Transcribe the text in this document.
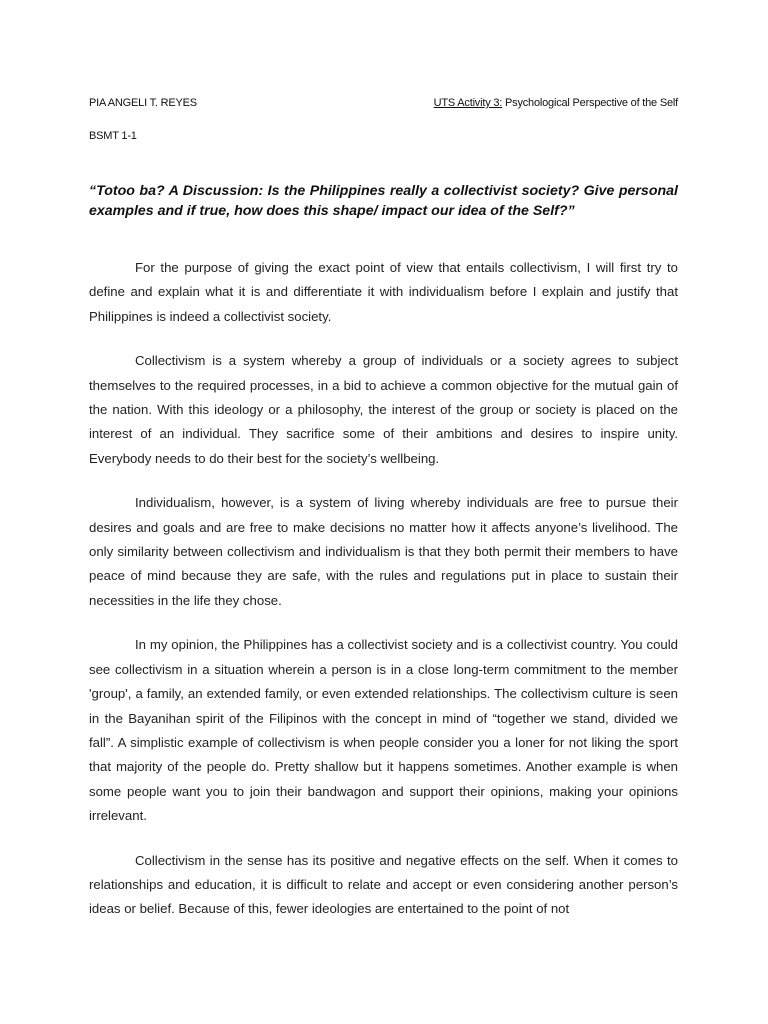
PIA ANGELI T. REYES	UTS Activity 3: Psychological Perspective of the Self
BSMT 1-1

“Totoo ba? A Discussion: Is the Philippines really a collectivist society? Give personal examples and if true, how does this shape/ impact our idea of the Self?”

For the purpose of giving the exact point of view that entails collectivism, I will first try to define and explain what it is and differentiate it with individualism before I explain and justify that Philippines is indeed a collectivist society.

Collectivism is a system whereby a group of individuals or a society agrees to subject themselves to the required processes, in a bid to achieve a common objective for the mutual gain of the nation. With this ideology or a philosophy, the interest of the group or society is placed on the interest of an individual. They sacrifice some of their ambitions and desires to inspire unity. Everybody needs to do their best for the society’s wellbeing.

Individualism, however, is a system of living whereby individuals are free to pursue their desires and goals and are free to make decisions no matter how it affects anyone’s livelihood. The only similarity between collectivism and individualism is that they both permit their members to have peace of mind because they are safe, with the rules and regulations put in place to sustain their necessities in the life they chose.

In my opinion, the Philippines has a collectivist society and is a collectivist country. You could see collectivism in a situation wherein a person is in a close long-term commitment to the member 'group', a family, an extended family, or even extended relationships. The collectivism culture is seen in the Bayanihan spirit of the Filipinos with the concept in mind of “together we stand, divided we fall”. A simplistic example of collectivism is when people consider you a loner for not liking the sport that majority of the people do. Pretty shallow but it happens sometimes. Another example is when some people want you to join their bandwagon and support their opinions, making your opinions irrelevant.

Collectivism in the sense has its positive and negative effects on the self. When it comes to relationships and education, it is difficult to relate and accept or even considering another person’s ideas or belief. Because of this, fewer ideologies are entertained to the point of not
